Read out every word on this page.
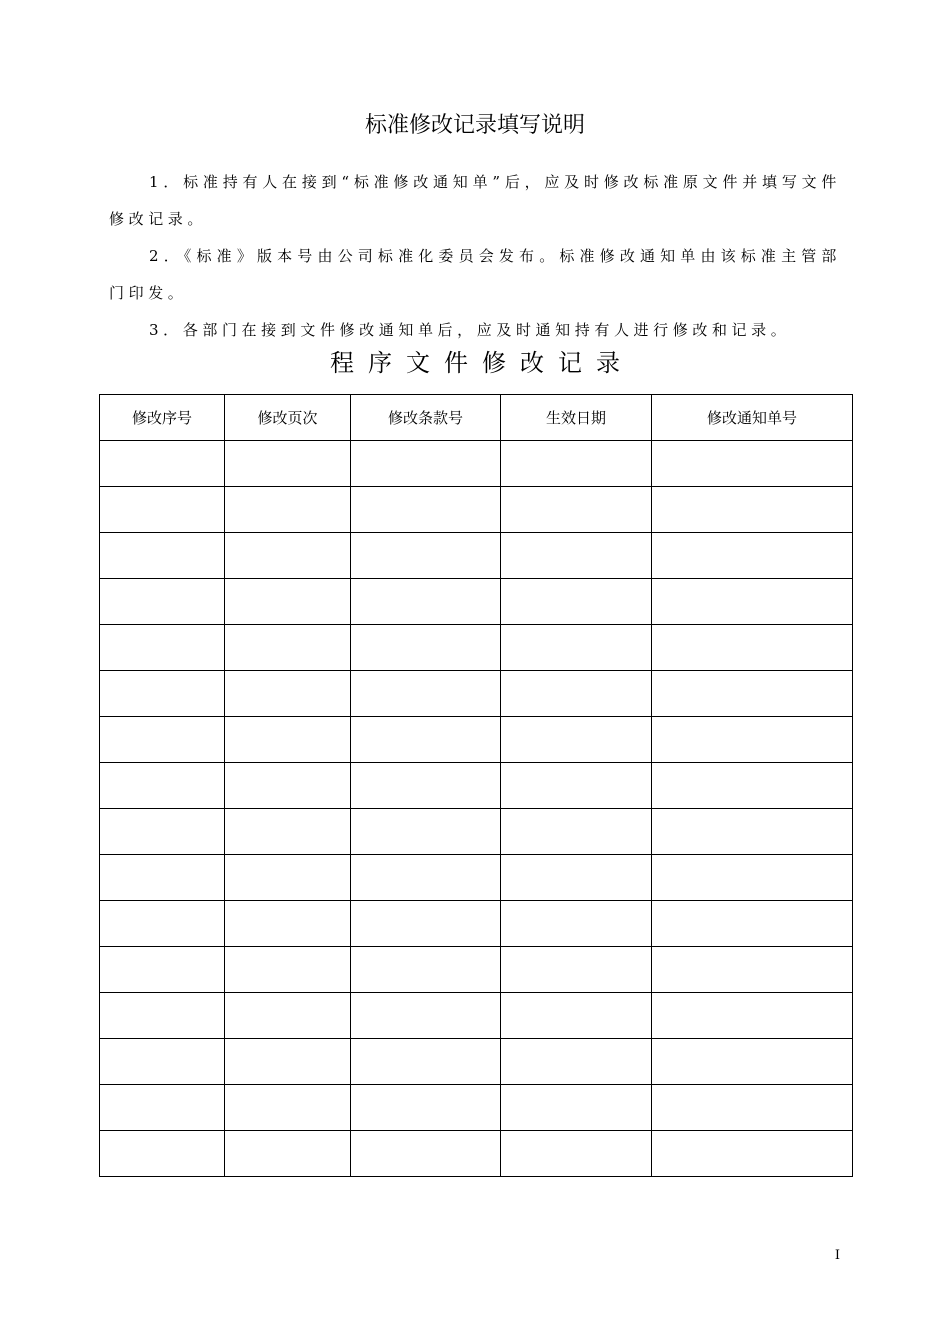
标准修改记录填写说明

1．标准持有人在接到“标准修改通知单”后，应及时修改标准原文件并填写文件修改记录。

2．《标准》版本号由公司标准化委员会发布。标准修改通知单由该标准主管部门印发。

3．各部门在接到文件修改通知单后，应及时通知持有人进行修改和记录。

程序文件修改记录
修改序号	修改页次	修改条款号	生效日期	修改通知单号

I
